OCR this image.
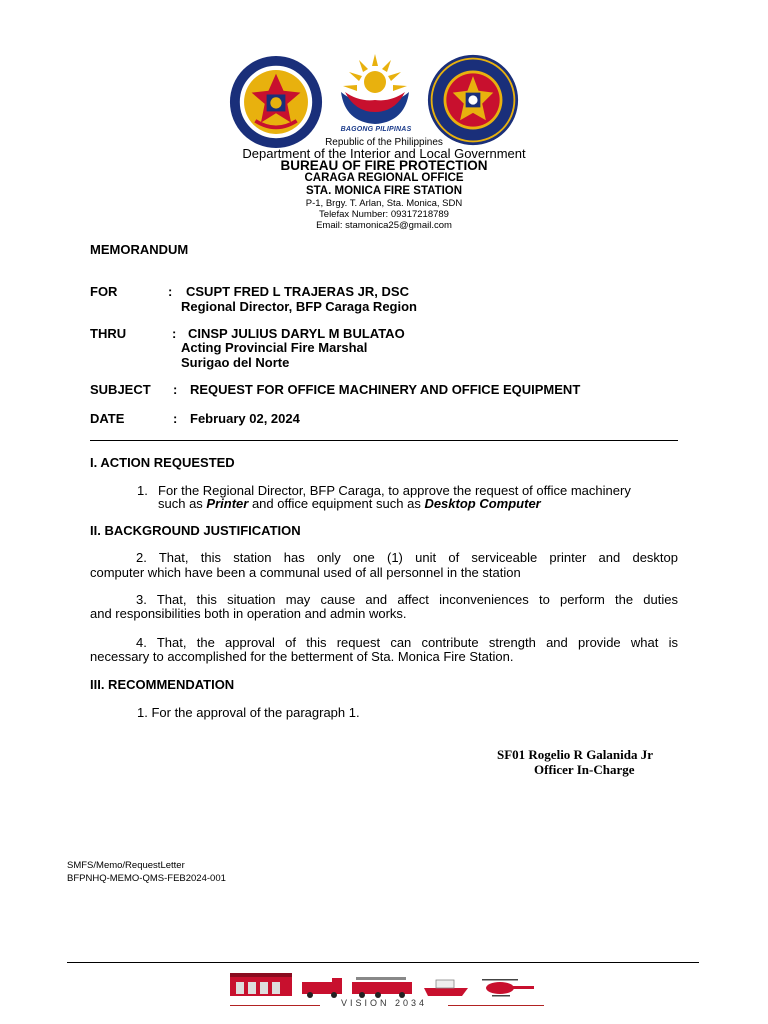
BAGONG PILIPINAS
Republic of the Philippines
Department of the Interior and Local Government
BUREAU OF FIRE PROTECTION
CARAGA REGIONAL OFFICE
STA. MONICA FIRE STATION
P-1, Brgy. T. Arlan, Sta. Monica, SDN
Telefax Number: 09317218789
Email: stamonica25@gmail.com
MEMORANDUM
FOR	: CSUPT FRED L TRAJERAS JR, DSC
Regional Director, BFP Caraga Region
THRU	: CINSP JULIUS DARYL M BULATAO
Acting Provincial Fire Marshal
Surigao del Norte
SUBJECT : REQUEST FOR OFFICE MACHINERY AND OFFICE EQUIPMENT
DATE	: February 02, 2024
I. ACTION REQUESTED
1. For the Regional Director, BFP Caraga, to approve the request of office machinery
such as Printer and office equipment such as Desktop Computer
II. BACKGROUND JUSTIFICATION
2. That, this station has only one (1) unit of serviceable printer and desktop
computer which have been a communal used of all personnel in the station
3. That, this situation may cause and affect inconveniences to perform the duties
and responsibilities both in operation and admin works.
4. That, the approval of this request can contribute strength and provide what is
necessary to accomplished for the betterment of Sta. Monica Fire Station.
III. RECOMMENDATION
1. For the approval of the paragraph 1.
SF01 Rogelio R Galanida Jr
Officer In-Charge
SMFS/Memo/RequestLetter
BFPNHQ-MEMO-QMS-FEB2024-001
VISION 2034
